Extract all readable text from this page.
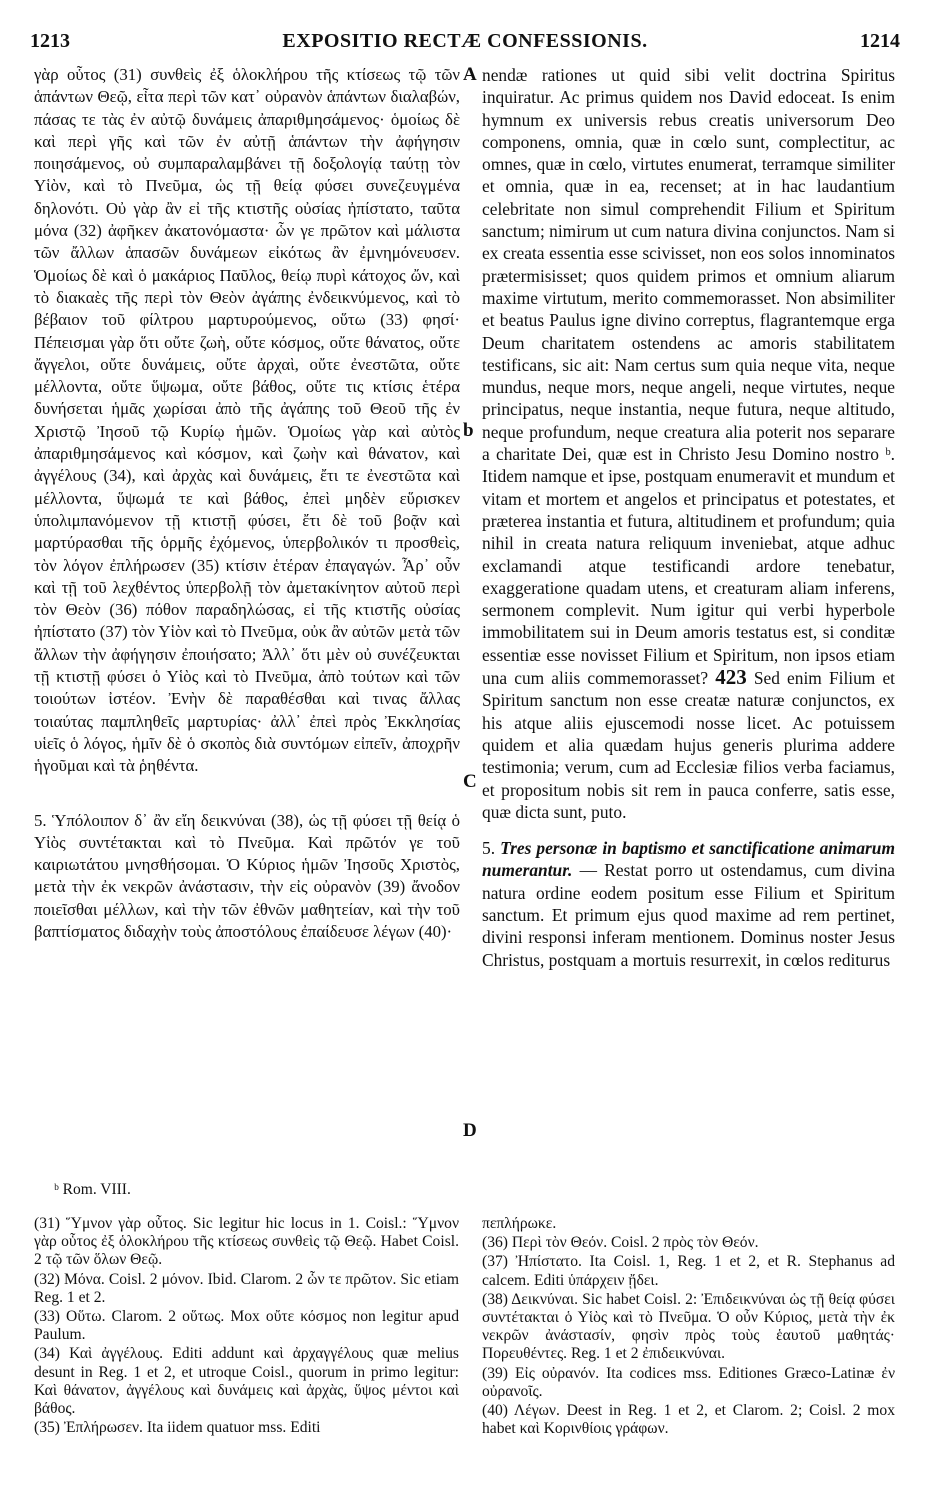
1213	EXPOSITIO RECTÆ CONFESSIONIS.	1214

γὰρ οὗτος (31) συνθεὶς ἐξ ὁλοκλήρου τῆς κτίσεως τῷ τῶν ἁπάντων Θεῷ, εἶτα περὶ τῶν κατ᾽ οὐρανὸν ἁπάντων διαλαβών, πάσας τε τὰς ἐν αὐτῷ δυνάμεις ἀπαριθμησάμενος· ὁμοίως δὲ καὶ περὶ γῆς καὶ τῶν ἐν αὐτῇ ἁπάντων τὴν ἀφήγησιν ποιησάμενος, οὐ συμπαραλαμβάνει τῇ δοξολογίᾳ ταύτῃ τὸν Υἱὸν, καὶ τὸ Πνεῦμα, ὡς τῇ θείᾳ φύσει συνεζευγμένα δηλονότι. Οὐ γὰρ ἂν εἰ τῆς κτιστῆς οὐσίας ἠπίστατο, ταῦτα μόνα (32) ἀφῆκεν ἀκατονόμαστα· ὧν γε πρῶτον καὶ μάλιστα τῶν ἄλλων ἁπασῶν δυνάμεων εἰκότως ἂν ἐμνημόνευσεν. Ὁμοίως δὲ καὶ ὁ μακάριος Παῦλος, θείῳ πυρὶ κάτοχος ὤν, καὶ τὸ διακαὲς τῆς περὶ τὸν Θεὸν ἀγάπης ἐνδεικνύμενος, καὶ τὸ βέβαιον τοῦ φίλτρου μαρτυρούμενος, οὕτω (33) φησί· Πέπεισμαι γὰρ ὅτι οὔτε ζωὴ, οὔτε κόσμος, οὔτε θάνατος, οὔτε ἄγγελοι, οὔτε δυνάμεις, οὔτε ἀρχαὶ, οὔτε ἐνεστῶτα, οὔτε μέλλοντα, οὔτε ὕψωμα, οὔτε βάθος, οὔτε τις κτίσις ἑτέρα δυνήσεται ἡμᾶς χωρίσαι ἀπὸ τῆς ἀγάπης τοῦ Θεοῦ τῆς ἐν Χριστῷ Ἰησοῦ τῷ Κυρίῳ ἡμῶν. Ὁμοίως γὰρ καὶ αὐτὸς ἀπαριθμησάμενος καὶ κόσμον, καὶ ζωὴν καὶ θάνατον, καὶ ἀγγέλους (34), καὶ ἀρχὰς καὶ δυνάμεις, ἔτι τε ἐνεστῶτα καὶ μέλλοντα, ὕψωμά τε καὶ βάθος, ἐπεὶ μηδὲν εὕρισκεν ὑπολιμπανόμενον τῇ κτιστῇ φύσει, ἔτι δὲ τοῦ βοᾷν καὶ μαρτύρασθαι τῆς ὁρμῆς ἐχόμενος, ὑπερβολικόν τι προσθεὶς, τὸν λόγον ἐπλήρωσεν (35) κτίσιν ἑτέραν ἐπαγαγών. Ἆρ᾽ οὖν καὶ τῇ τοῦ λεχθέντος ὑπερβολῇ τὸν ἀμετακίνητον αὐτοῦ περὶ τὸν Θεὸν (36) πόθον παραδηλώσας, εἰ τῆς κτιστῆς οὐσίας ἠπίστατο (37) τὸν Υἱὸν καὶ τὸ Πνεῦμα, οὐκ ἂν αὐτῶν μετὰ τῶν ἄλλων τὴν ἀφήγησιν ἐποιήσατο; Ἀλλ᾽ ὅτι μὲν οὐ συνέζευκται τῇ κτιστῇ φύσει ὁ Υἱὸς καὶ τὸ Πνεῦμα, ἀπὸ τούτων καὶ τῶν τοιούτων ἰστέον. Ἐνὴν δὲ παραθέσθαι καὶ τινας ἄλλας τοιαύτας παμπληθεῖς μαρτυρίας· ἀλλ᾽ ἐπεὶ πρὸς Ἐκκλησίας υἱεῖς ὁ λόγος, ἡμῖν δὲ ὁ σκοπὸς διὰ συντόμων εἰπεῖν, ἀποχρῆν ἡγοῦμαι καὶ τὰ ῥηθέντα.

5. Ὑπόλοιπον δ᾽ ἂν εἴη δεικνύναι (38), ὡς τῇ φύσει τῇ θείᾳ ὁ Υἱὸς συντέτακται καὶ τὸ Πνεῦμα. Καὶ πρῶτόν γε τοῦ καιριωτάτου μνησθήσομαι. Ὁ Κύριος ἡμῶν Ἰησοῦς Χριστὸς, μετὰ τὴν ἐκ νεκρῶν ἀνάστασιν, τὴν εἰς οὐρανὸν (39) ἄνοδον ποιεῖσθαι μέλλων, καὶ τὴν τῶν ἐθνῶν μαθητείαν, καὶ τὴν τοῦ βαπτίσματος διδαχὴν τοὺς ἀποστόλους ἐπαίδευσε λέγων (40)·

nendæ rationes ut quid sibi velit doctrina Spiritus inquiratur. Ac primus quidem nos David edoceat. Is enim hymnum ex universis rebus creatis universorum Deo componens, omnia, quæ in cœlo sunt, complectitur, ac omnes, quæ in cœlo, virtutes enumerat, terramque similiter et omnia, quæ in ea, recenset; at in hac laudantium celebritate non simul comprehendit Filium et Spiritum sanctum; nimirum ut cum natura divina conjunctos. Nam si ex creata essentia esse scivisset, non eos solos innominatos prætermisisset; quos quidem primos et omnium aliarum maxime virtutum, merito commemorasset. Non absimiliter et beatus Paulus igne divino correptus, flagrantemque erga Deum charitatem ostendens ac amoris stabilitatem testificans, sic ait: Nam certus sum quia neque vita, neque mundus, neque mors, neque angeli, neque virtutes, neque principatus, neque instantia, neque futura, neque altitudo, neque profundum, neque creatura alia poterit nos separare a charitate Dei, quæ est in Christo Jesu Domino nostro ᵇ. Itidem namque et ipse, postquam enumeravit et mundum et vitam et mortem et angelos et principatus et potestates, et præterea instantia et futura, altitudinem et profundum; quia nihil in creata natura reliquum inveniebat, atque adhuc exclamandi atque testificandi ardore tenebatur, exaggeratione quadam utens, et creaturam aliam inferens, sermonem complevit. Num igitur qui verbi hyperbole immobilitatem sui in Deum amoris testatus est, si conditæ essentiæ esse novisset Filium et Spiritum, non ipsos etiam una cum aliis commemorasset? 423 Sed enim Filium et Spiritum sanctum non esse creatæ naturæ conjunctos, ex his atque aliis ejuscemodi nosse licet. Ac potuissem quidem et alia quædam hujus generis plurima addere testimonia; verum, cum ad Ecclesiæ filios verba faciamus, et propositum nobis sit rem in pauca conferre, satis esse, quæ dicta sunt, puto.

5. Tres personæ in baptismo et sanctificatione animarum numerantur. — Restat porro ut ostendamus, cum divina natura ordine eodem positum esse Filium et Spiritum sanctum. Et primum ejus quod maxime ad rem pertinet, divini responsi inferam mentionem. Dominus noster Jesus Christus, postquam a mortuis resurrexit, in cœlos rediturus

A
b
C
D
ᵇ Rom. VIII.

(31) Ὕμνον γὰρ οὗτος. Sic legitur hic locus in 1. Coisl.: Ὕμνον γὰρ οὗτος ἐξ ὁλοκλήρου τῆς κτίσεως συνθεὶς τῷ Θεῷ. Habet Coisl. 2 τῷ τῶν ὅλων Θεῷ.

(32) Μόνα. Coisl. 2 μόνον. Ibid. Clarom. 2 ὧν τε πρῶτον. Sic etiam Reg. 1 et 2.

(33) Οὕτω. Clarom. 2 οὕτως. Mox οὔτε κόσμος non legitur apud Paulum.

(34) Καὶ ἀγγέλους. Editi addunt καὶ ἀρχαγγέλους quæ melius desunt in Reg. 1 et 2, et utroque Coisl., quorum in primo legitur: Καὶ θάνατον, ἀγγέλους καὶ δυνάμεις καὶ ἀρχὰς, ὕψος μέντοι καὶ βάθος.

(35) Ἐπλήρωσεν. Ita iidem quatuor mss. Editi

πεπλήρωκε.

(36) Περὶ τὸν Θεόν. Coisl. 2 πρὸς τὸν Θεόν.

(37) Ἠπίστατο. Ita Coisl. 1, Reg. 1 et 2, et R. Stephanus ad calcem. Editi ὑπάρχειν ᾔδει.

(38) Δεικνύναι. Sic habet Coisl. 2: Ἐπιδεικνύναι ὡς τῇ θείᾳ φύσει συντέτακται ὁ Υἱὸς καὶ τὸ Πνεῦμα. Ὁ οὖν Κύριος, μετὰ τὴν ἐκ νεκρῶν ἀνάστασίν, φησὶν πρὸς τοὺς ἑαυτοῦ μαθητάς· Πορευθέντες. Reg. 1 et 2 ἐπιδεικνύναι.

(39) Εἰς οὐρανόν. Ita codices mss. Editiones Græco-Latinæ ἐν οὐρανοῖς.

(40) Λέγων. Deest in Reg. 1 et 2, et Clarom. 2; Coisl. 2 mox habet καὶ Κορινθίοις γράφων.
